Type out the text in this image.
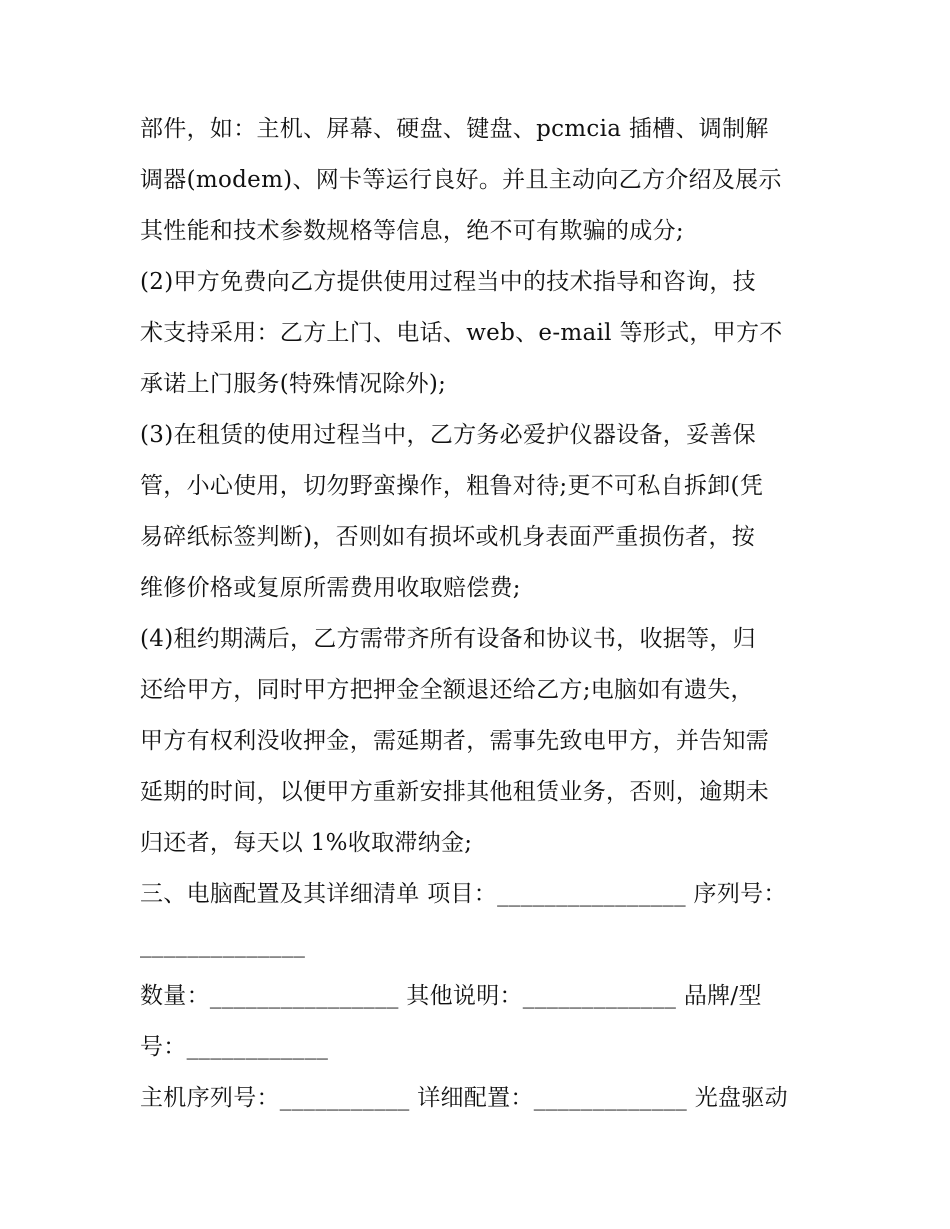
部件，如：主机、屏幕、硬盘、键盘、pcmcia 插槽、调制解
调器(modem)、网卡等运行良好。并且主动向乙方介绍及展示
其性能和技术参数规格等信息，绝不可有欺骗的成分;
(2)甲方免费向乙方提供使用过程当中的技术指导和咨询，技
术支持采用：乙方上门、电话、web、e-mail 等形式，甲方不
承诺上门服务(特殊情况除外);
(3)在租赁的使用过程当中，乙方务必爱护仪器设备，妥善保
管，小心使用，切勿野蛮操作，粗鲁对待;更不可私自拆卸(凭
易碎纸标签判断)，否则如有损坏或机身表面严重损伤者，按
维修价格或复原所需费用收取赔偿费;
(4)租约期满后，乙方需带齐所有设备和协议书，收据等，归
还给甲方，同时甲方把押金全额退还给乙方;电脑如有遗失，
甲方有权利没收押金，需延期者，需事先致电甲方，并告知需
延期的时间，以便甲方重新安排其他租赁业务，否则，逾期未
归还者，每天以 1%收取滞纳金;
三、电脑配置及其详细清单 项目：________________ 序列号：
______________
数量：________________ 其他说明：_____________ 品牌/型
号：____________
主机序列号：___________ 详细配置：_____________ 光盘驱动
